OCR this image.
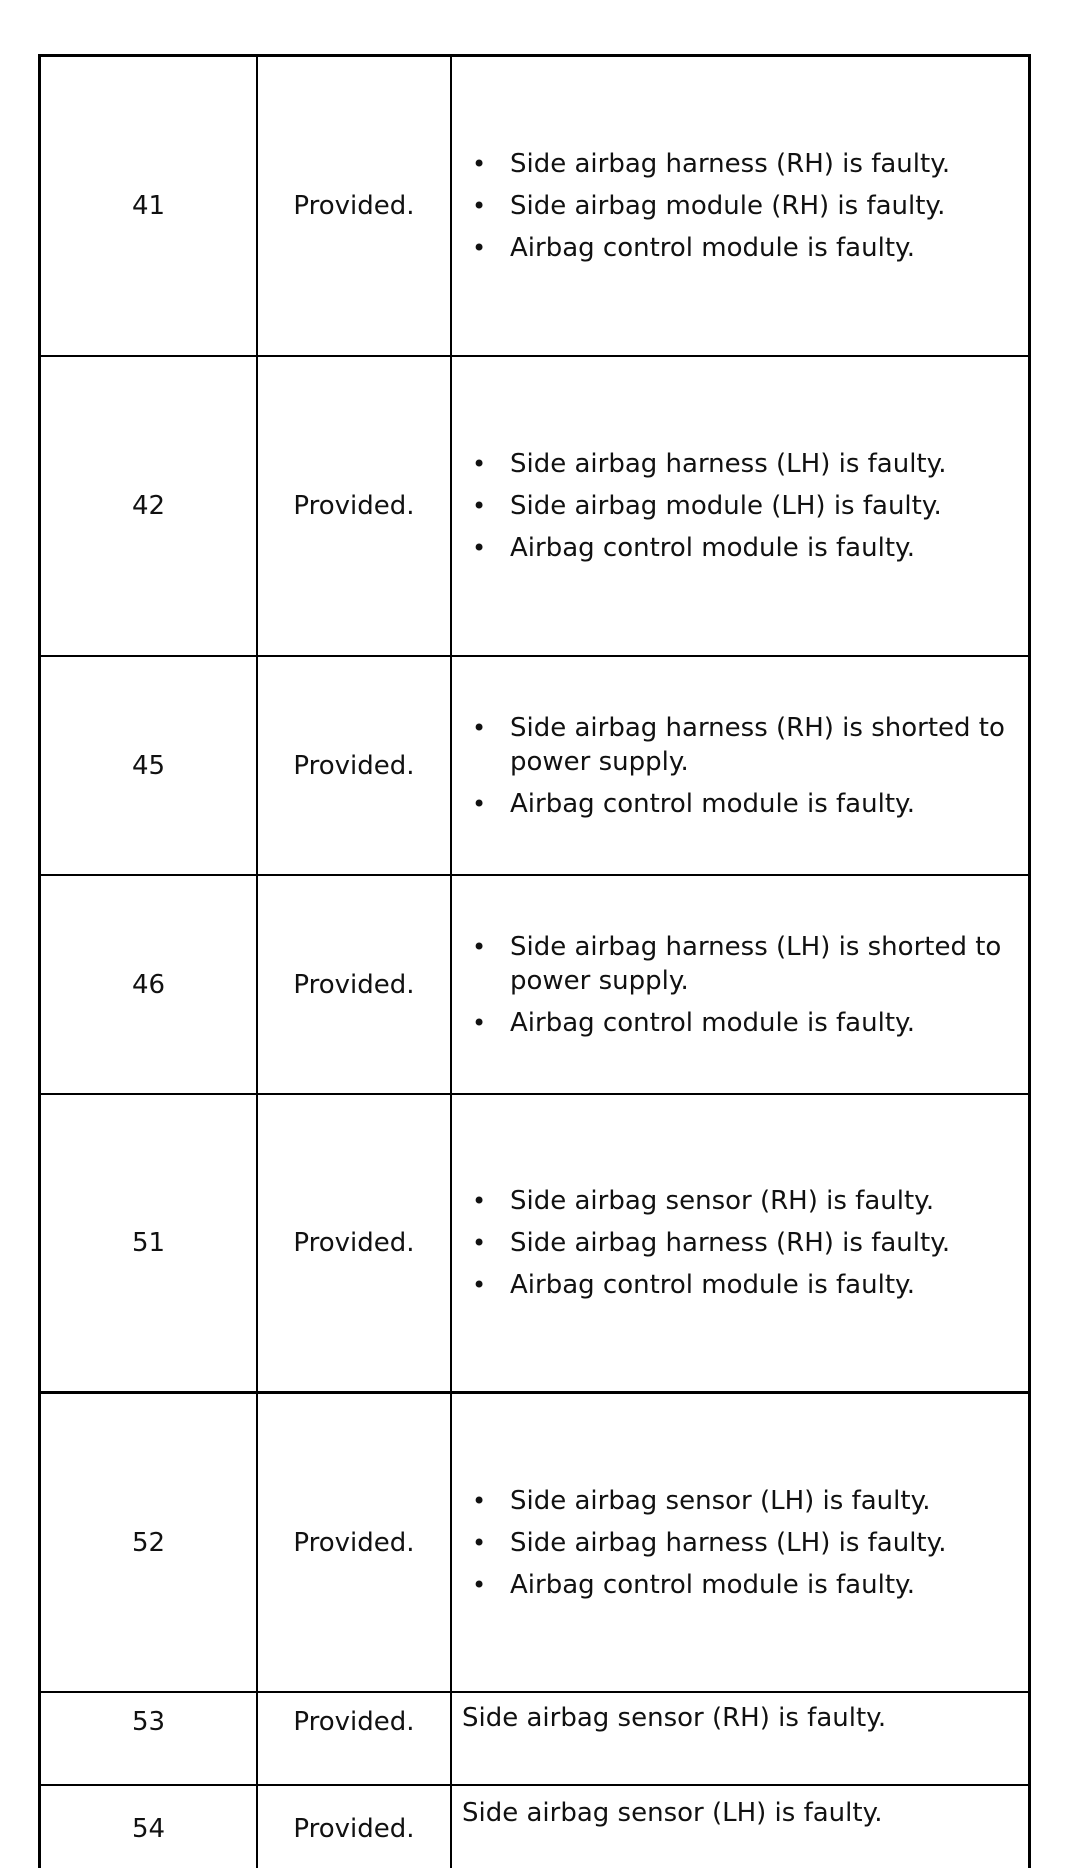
41	Provided.
• Side airbag harness (RH) is faulty.
• Side airbag module (RH) is faulty.
• Airbag control module is faulty.
42	Provided.
• Side airbag harness (LH) is faulty.
• Side airbag module (LH) is faulty.
• Airbag control module is faulty.
45	Provided.
• Side airbag harness (RH) is shorted to power supply.
• Airbag control module is faulty.
46	Provided.
• Side airbag harness (LH) is shorted to power supply.
• Airbag control module is faulty.
51	Provided.
• Side airbag sensor (RH) is faulty.
• Side airbag harness (RH) is faulty.
• Airbag control module is faulty.
52	Provided.
• Side airbag sensor (LH) is faulty.
• Side airbag harness (LH) is faulty.
• Airbag control module is faulty.
53	Provided.	Side airbag sensor (RH) is faulty.
54	Provided.
Side airbag sensor (LH) is faulty.
